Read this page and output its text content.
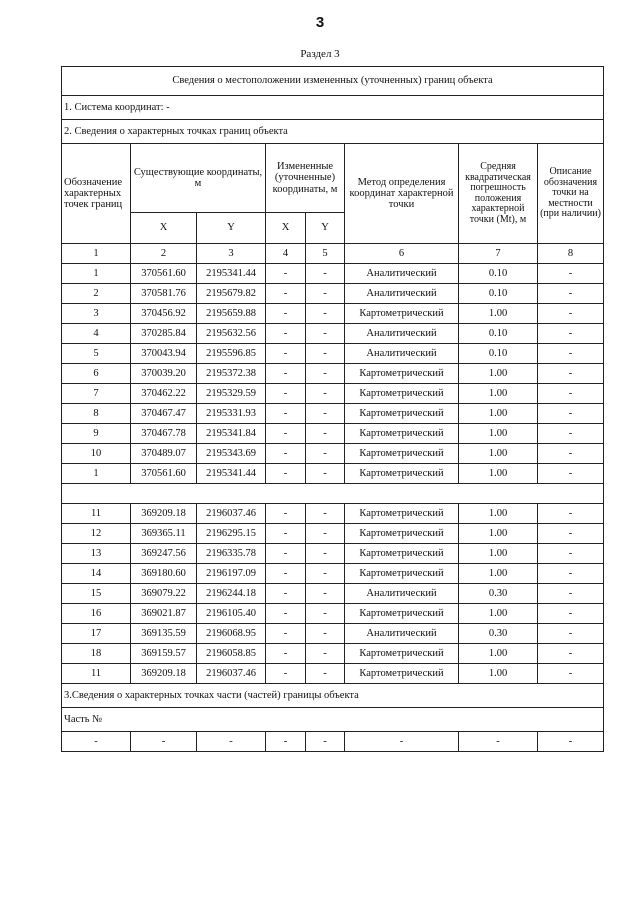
3
Раздел 3
Сведения о местоположении измененных (уточненных) границ объекта							
1. Система координат: -							
2. Сведения о характерных точках границ объекта							
Обозначение характерных точек границ	Существующие координаты, м		Измененные (уточненные) координаты, м		Метод определения координат характерной точки	Средняя квадратическая погрешность положения характерной точки (Mt), м	Описание обозначения точки на местности (при наличии)
	X	Y	X	Y			
1	2	3	4	5	6	7	8
1	370561.60	2195341.44	-	-	Аналитический	0.10	-
2	370581.76	2195679.82	-	-	Аналитический	0.10	-
3	370456.92	2195659.88	-	-	Картометрический	1.00	-
4	370285.84	2195632.56	-	-	Аналитический	0.10	-
5	370043.94	2195596.85	-	-	Аналитический	0.10	-
6	370039.20	2195372.38	-	-	Картометрический	1.00	-
7	370462.22	2195329.59	-	-	Картометрический	1.00	-
8	370467.47	2195331.93	-	-	Картометрический	1.00	-
9	370467.78	2195341.84	-	-	Картометрический	1.00	-
10	370489.07	2195343.69	-	-	Картометрический	1.00	-
1	370561.60	2195341.44	-	-	Картометрический	1.00	-

11	369209.18	2196037.46	-	-	Картометрический	1.00	-
12	369365.11	2196295.15	-	-	Картометрический	1.00	-
13	369247.56	2196335.78	-	-	Картометрический	1.00	-
14	369180.60	2196197.09	-	-	Картометрический	1.00	-
15	369079.22	2196244.18	-	-	Аналитический	0.30	-
16	369021.87	2196105.40	-	-	Картометрический	1.00	-
17	369135.59	2196068.95	-	-	Аналитический	0.30	-
18	369159.57	2196058.85	-	-	Картометрический	1.00	-
11	369209.18	2196037.46	-	-	Картометрический	1.00	-
3.Сведения о характерных точках части (частей) границы объекта							
Часть №							
-	-	-	-	-	-	-	-
